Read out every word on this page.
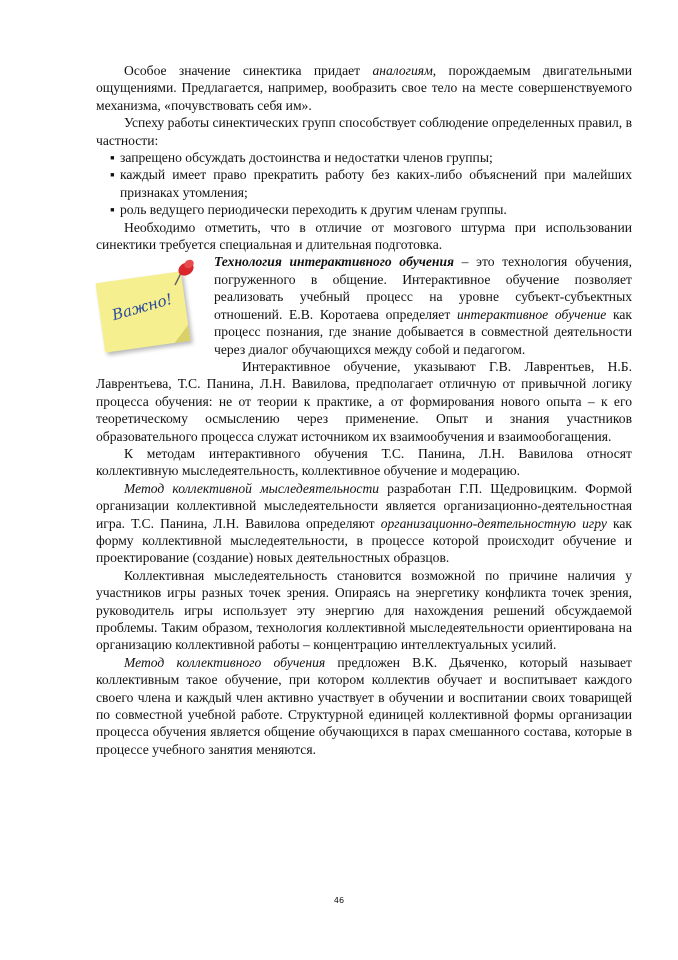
Особое значение синектика придает аналогиям, порождаемым двигательными ощущениями. Предлагается, например, вообразить свое тело на месте совершенствуемого механизма, «почувствовать себя им».

Успеху работы синектических групп способствует соблюдение определенных правил, в частности:

▪ запрещено обсуждать достоинства и недостатки членов группы;

▪ каждый имеет право прекратить работу без каких-либо объяснений при малейших признаках утомления;

▪ роль ведущего периодически переходить к другим членам группы.

Необходимо отметить, что в отличие от мозгового штурма при использовании синектики требуется специальная и длительная подготовка.

Важно!

Технология интерактивного обучения – это технология обучения, погруженного в общение. Интерактивное обучение позволяет реализовать учебный процесс на уровне субъект-субъектных отношений. Е.В. Коротаева определяет интерактивное обучение как процесс познания, где знание добывается в совместной деятельности через диалог обучающихся между собой и педагогом.

Интерактивное обучение, указывают Г.В. Лаврентьев, Н.Б. Лаврентьева, Т.С. Панина, Л.Н. Вавилова, предполагает отличную от привычной логику процесса обучения: не от теории к практике, а от формирования нового опыта – к его теоретическому осмыслению через применение. Опыт и знания участников образовательного процесса служат источником их взаимообучения и взаимообогащения.

К методам интерактивного обучения Т.С. Панина, Л.Н. Вавилова относят коллективную мыследеятельность, коллективное обучение и модерацию.

Метод коллективной мыследеятельности разработан Г.П. Щедровицким. Формой организации коллективной мыследеятельности является организационно-деятельностная игра. Т.С. Панина, Л.Н. Вавилова определяют организационно-деятельностную игру как форму коллективной мыследеятельности, в процессе которой происходит обучение и проектирование (создание) новых деятельностных образцов.

Коллективная мыследеятельность становится возможной по причине наличия у участников игры разных точек зрения. Опираясь на энергетику конфликта точек зрения, руководитель игры использует эту энергию для нахождения решений обсуждаемой проблемы. Таким образом, технология коллективной мыследеятельности ориентирована на организацию коллективной работы – концентрацию интеллектуальных усилий.

Метод коллективного обучения предложен В.К. Дьяченко, который называет коллективным такое обучение, при котором коллектив обучает и воспитывает каждого своего члена и каждый член активно участвует в обучении и воспитании своих товарищей по совместной учебной работе. Структурной единицей коллективной формы организации процесса обучения является общение обучающихся в парах смешанного состава, которые в процессе учебного занятия меняются.

46
